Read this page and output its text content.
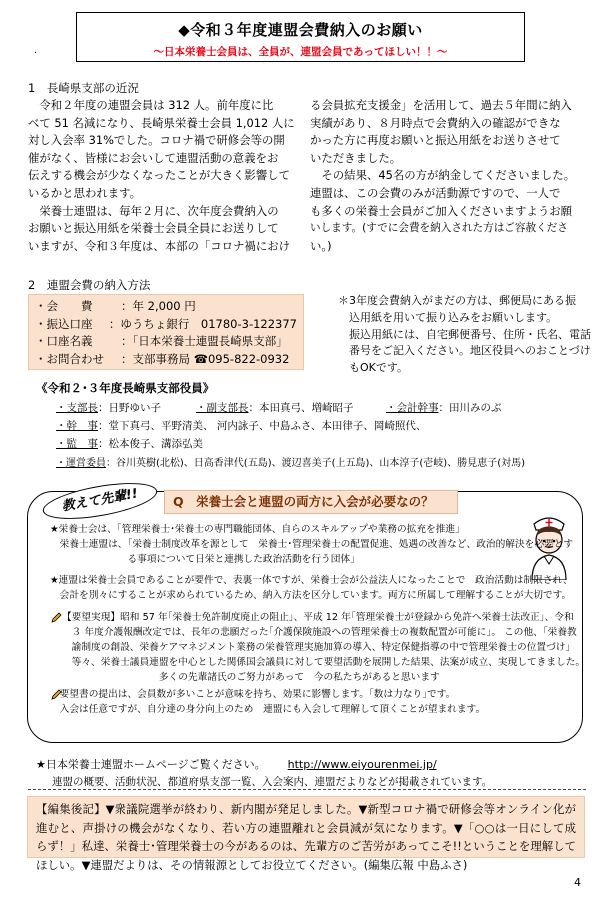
◆令和３年度連盟会費納入のお願い
～日本栄養士会員は、全員が、連盟会員であってほしい！！～
.
1　長崎県支部の近況
　令和２年度の連盟会員は 312 人。前年度に比
べて 51 名減になり、長崎県栄養士会員 1,012 人に
対し入会率 31%でした。コロナ禍で研修会等の開
催がなく、皆様にお会いして連盟活動の意義をお
伝えする機会が少なくなったことが大きく影響して
いるかと思われます。
　栄養士連盟は、毎年２月に、次年度会費納入の
お願いと振込用紙を栄養士会員全員にお送りして
いますが、令和３年度は、本部の「コロナ禍におけ
る会員拡充支援金」を活用して、過去５年間に納入
実績があり、８月時点で会費納入の確認ができな
かった方に再度お願いと振込用紙をお送りさせて
いただきました。
　その結果、45名の方が納金してくださいました。
連盟は、この会費のみが活動源ですので、一人で
も多くの栄養士会員がご加入くださいますようお願
いします。(すでに会費を納入された方はご容赦くださ
い。)
2　連盟会費の納入方法
・会　　費	：年 2,000 円
・振込口座	：ゆうちょ銀行　01780-3-122377
・口座名義	：「日本栄養士連盟長崎県支部」
・お問合わせ	：支部事務局 ☎095-822-0932
＊3年度会費納入がまだの方は、郵便局にある振
　込用紙を用いて振り込みをお願いします。
　振込用紙には、自宅郵便番号、住所・氏名、電話
　番号をご記入ください。地区役員へのおことづけ
　もOKです。
《令和２･３年度長崎県支部役員》
・支部長：日野ゆい子	・副支部長：本田真弓、増崎昭子	・会計幹事：田川みのぶ
・幹　事：堂下真弓、平野清美、 河内詠子、中島ふさ、本田律子、岡崎照代、
・監　事：松本俊子、溝添弘美
・運営委員：谷川英樹(北松)、日高香津代(五島)、渡辺喜美子(上五島)、山本淳子(壱岐)、勝見恵子(対馬)
教えて先輩!!	Q　栄養士会と連盟の両方に入会が必要なの？
★栄養士会は、｢管理栄養士･栄養士の専門職能団体、自らのスキルアップや業務の拡充を推進」
　栄養士連盟は、｢栄養士制度改革を源として　栄養士･管理栄養士の配置促進、処遇の改善など、政治的解決を必要とす
　　　　　　　　る事項について日栄と連携した政治活動を行う団体」
★連盟は栄養士会員であることが要件で、表裏一体ですが、栄養士会が公益法人になったことで　政治活動は制限され、
　会計を別々にすることが求められているため、納入方法を区分しています。両方に所属して理解することが大切です。
【要望実現】昭和 57 年｢栄養士免許制度廃止の阻止｣、平成 12 年｢管理栄養士が登録から免許へ栄養士法改正｣、令和
　３ 年度介護報酬改定では、長年の悲願だった｢介護保険施設への管理栄養士の複数配置が可能に｣。 この他、｢栄養教
　諭制度の創設、栄養ケアマネジメント業務の栄養管理実施加算の導入、特定保健指導の中で管理栄養士の位置づけ｣
　等々、栄養士議員連盟を中心とした関係国会議員に対して要望活動を展開した結果、法案が成立、実現してきました。
　　　　　　　　　　多くの先輩諸氏のご努力があって　今の私たちがあると思います
　要望書の提出は、会員数が多いことが意味を持ち、効果に影響します。｢数は力なり｣です。
　入会は任意ですが、自分達の身分向上のため　連盟にも入会して理解して頂くことが望まれます。
★日本栄養士連盟ホームページご覧ください。 http://www.eiyourenmei.jp/
連盟の概要、活動状況、都道府県支部一覧、入会案内、連盟だよりなどが掲載されています。
【編集後記】▼衆議院選挙が終わり、新内閣が発足しました。▼新型コロナ禍で研修会等オンライン化が進むと、声掛けの機会がなくなり、若い方の連盟離れと会員減が気になります。▼「○○は一日にして成らず！」私達、栄養士･管理栄養士の今があるのは、先輩方のご苦労があってこそ!!ということを理解してほしい。▼連盟だよりは、その情報源としてお役立てください。(編集広報 中島ふさ)
4
